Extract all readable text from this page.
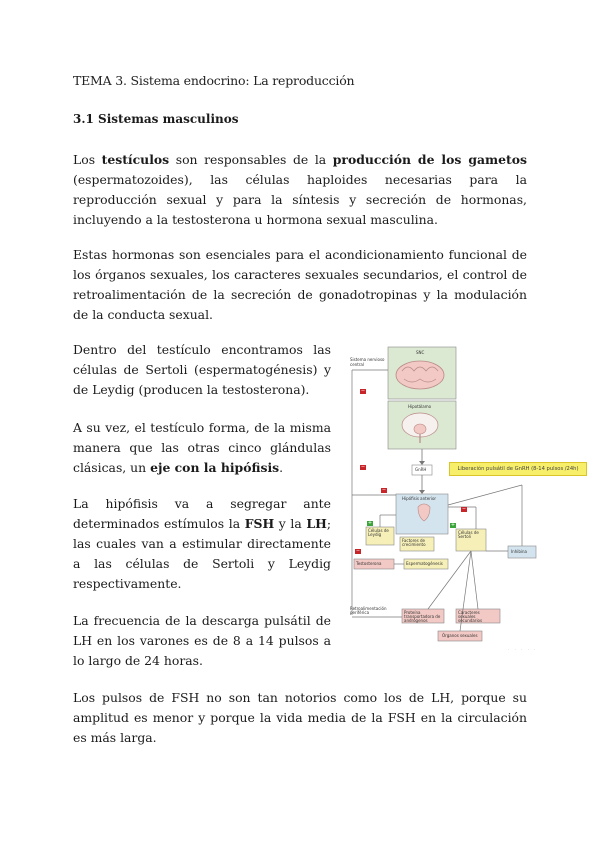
TEMA 3. Sistema endocrino: La reproducción
3.1 Sistemas masculinos

Los testículos son responsables de la producción de los gametos (espermatozoides), las células haploides necesarias para la reproducción sexual y para la síntesis y secreción de hormonas, incluyendo a la testosterona u hormona sexual masculina.

Estas hormonas son esenciales para el acondicionamiento funcional de los órganos sexuales, los caracteres sexuales secundarios, el control de retroalimentación de la secreción de gonadotropinas y la modulación de la conducta sexual.

Dentro del testículo encontramos las células de Sertoli (espermatogénesis) y de Leydig (producen la testosterona).

A su vez, el testículo forma, de la misma manera que las otras cinco glándulas clásicas, un eje con la hipófisis.

La hipófisis va a segregar ante determinados estímulos la FSH y la LH; las cuales van a estimular directamente a las células de Sertoli y Leydig respectivamente.

La frecuencia de la descarga pulsátil de LH en los varones es de 8 a 14 pulsos a lo largo de 24 horas.

Los pulsos de FSH no son tan notorios como los de LH, porque su amplitud es menor y porque la vida media de la FSH en la circulación es más larga.

Sistema nervioso central
SNC
Hipotálamo
GnRH
Hipófisis anterior
Células de Leydig	Células de Sertoli
Factores de crecimiento
Inhibina
Testosterona	Espermatogénesis
Retroalimentación periférica	Proteína transportadora de andrógenos
Caracteres sexuales secundarios
Órganos sexuales
−
−
−
−
+	+
−
Liberación pulsátil de GnRH (8-14 pulsos /24h)
· · · · ·
